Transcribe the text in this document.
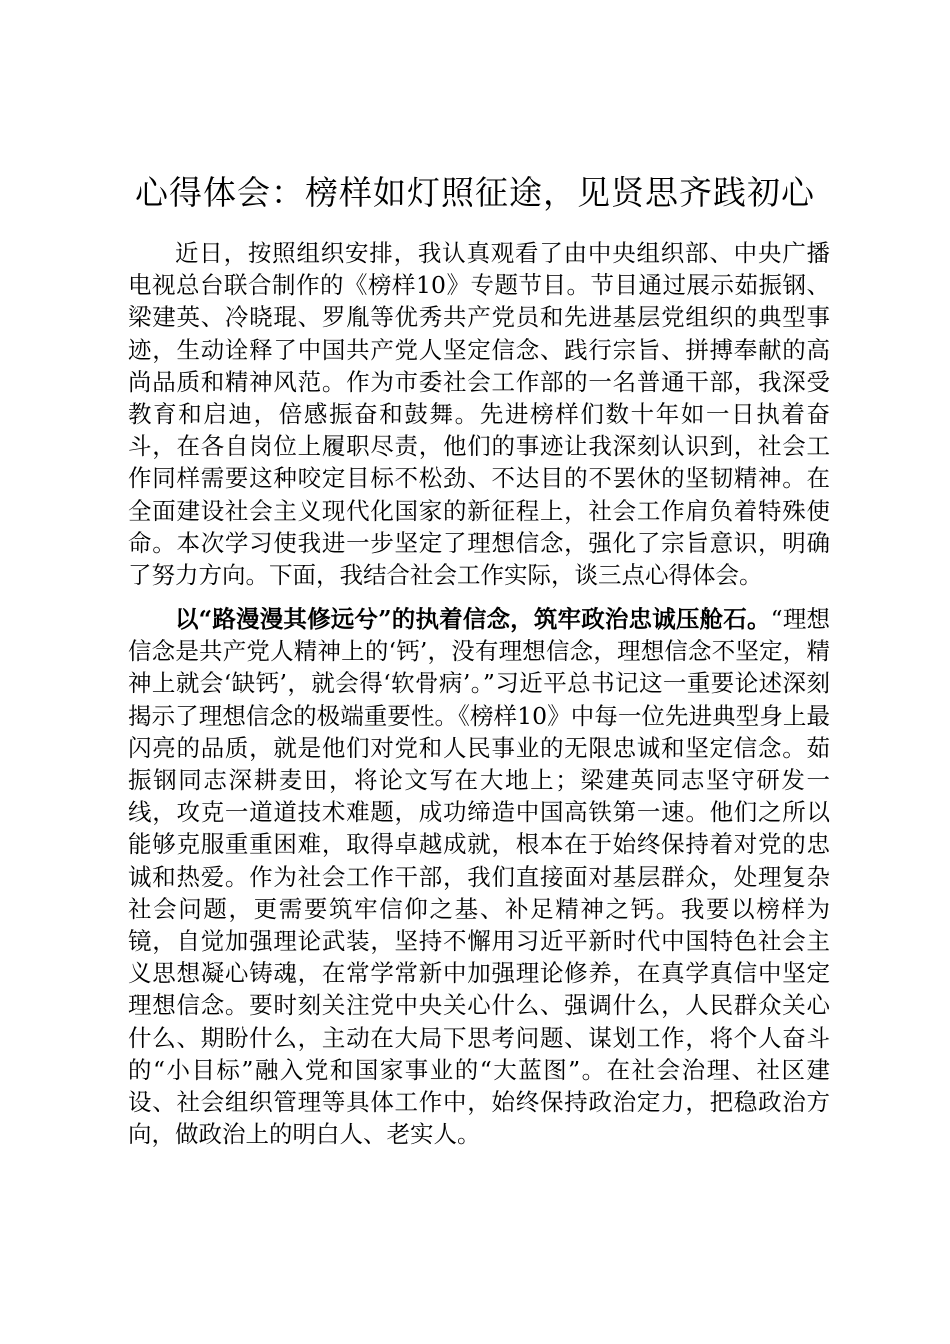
心得体会：榜样如灯照征途，见贤思齐践初心

近日，按照组织安排，我认真观看了由中央组织部、中央广播电视总台联合制作的《榜样10》专题节目。节目通过展示茹振钢、梁建英、冷晓琨、罗胤等优秀共产党员和先进基层党组织的典型事迹，生动诠释了中国共产党人坚定信念、践行宗旨、拼搏奉献的高尚品质和精神风范。作为市委社会工作部的一名普通干部，我深受教育和启迪，倍感振奋和鼓舞。先进榜样们数十年如一日执着奋斗，在各自岗位上履职尽责，他们的事迹让我深刻认识到，社会工作同样需要这种咬定目标不松劲、不达目的不罢休的坚韧精神。在全面建设社会主义现代化国家的新征程上，社会工作肩负着特殊使命。本次学习使我进一步坚定了理想信念，强化了宗旨意识，明确了努力方向。下面，我结合社会工作实际，谈三点心得体会。

以“路漫漫其修远兮”的执着信念，筑牢政治忠诚压舱石。“理想信念是共产党人精神上的‘钙’，没有理想信念，理想信念不坚定，精神上就会‘缺钙’，就会得‘软骨病’。”习近平总书记这一重要论述深刻揭示了理想信念的极端重要性。《榜样10》中每一位先进典型身上最闪亮的品质，就是他们对党和人民事业的无限忠诚和坚定信念。茹振钢同志深耕麦田，将论文写在大地上；梁建英同志坚守研发一线，攻克一道道技术难题，成功缔造中国高铁第一速。他们之所以能够克服重重困难，取得卓越成就，根本在于始终保持着对党的忠诚和热爱。作为社会工作干部，我们直接面对基层群众，处理复杂社会问题，更需要筑牢信仰之基、补足精神之钙。我要以榜样为镜，自觉加强理论武装，坚持不懈用习近平新时代中国特色社会主义思想凝心铸魂，在常学常新中加强理论修养，在真学真信中坚定理想信念。要时刻关注党中央关心什么、强调什么，人民群众关心什么、期盼什么，主动在大局下思考问题、谋划工作，将个人奋斗的“小目标”融入党和国家事业的“大蓝图”。在社会治理、社区建设、社会组织管理等具体工作中，始终保持政治定力，把稳政治方向，做政治上的明白人、老实人。
